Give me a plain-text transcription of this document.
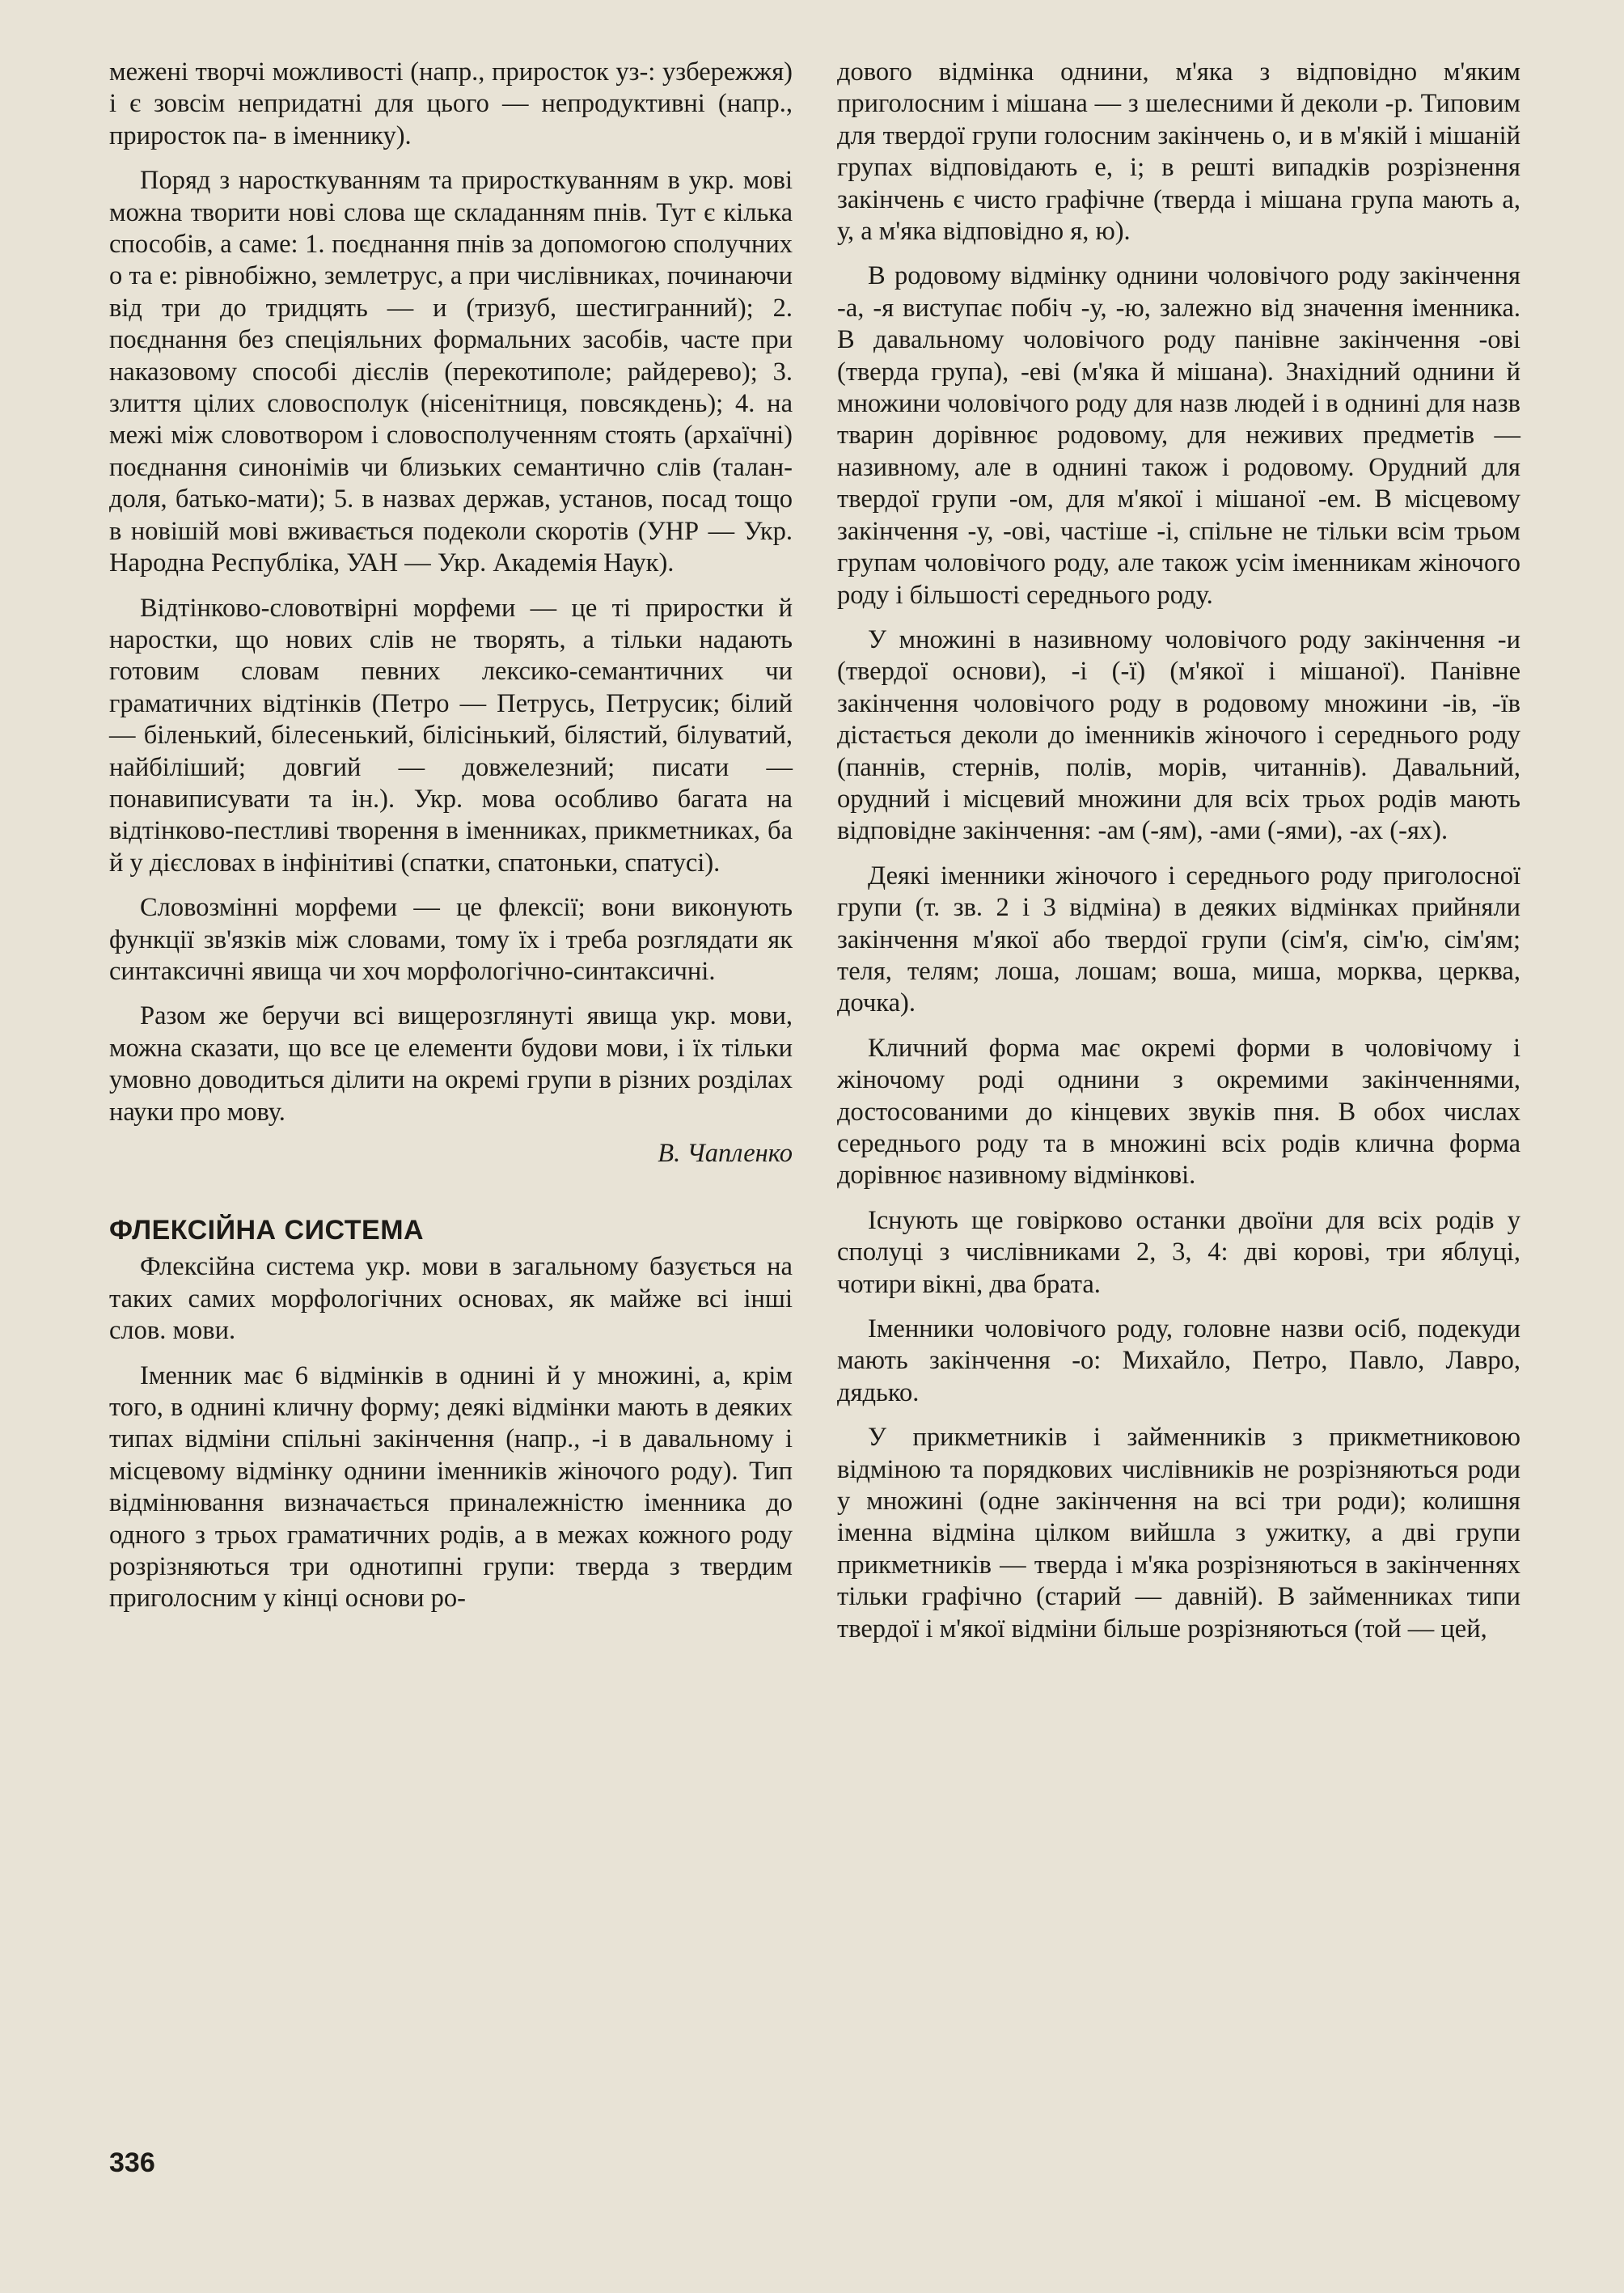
межені творчі можливості (напр., приросток уз-: узбережжя) і є зовсім непридатні для цього — непродуктивні (напр., приросток па- в іменнику).

Поряд з наросткуванням та приросткуванням в укр. мові можна творити нові слова ще складанням пнів. Тут є кілька способів, а саме: 1. поєднання пнів за допомогою сполучних о та е: рівнобіжно, землетрус, а при числівниках, починаючи від три до тридцять — и (тризуб, шестигранний); 2. поєднання без спеціяльних формальних засобів, часте при наказовому способі дієслів (перекотиполе; райдерево); 3. злиття цілих словосполук (нісенітниця, повсякдень); 4. на межі між словотвором і словосполученням стоять (архаїчні) поєднання синонімів чи близьких семантично слів (талан-доля, батько-мати); 5. в назвах держав, установ, посад тощо в новішій мові вживається подеколи скоротів (УНР — Укр. Народна Республіка, УАН — Укр. Академія Наук).

Відтінково-словотвірні морфеми — це ті приростки й наростки, що нових слів не творять, а тільки надають готовим словам певних лексико-семантичних чи граматичних відтінків (Петро — Петрусь, Петрусик; білий — біленький, білесенький, білісінький, білястий, білуватий, найбіліший; довгий — довжелезний; писати — понавиписувати та ін.). Укр. мова особливо багата на відтінково-пестливі творення в іменниках, прикметниках, ба й у дієсловах в інфінітиві (спатки, спатоньки, спатусі).

Словозмінні морфеми — це флексії; вони виконують функції зв'язків між словами, тому їх і треба розглядати як синтаксичні явища чи хоч морфологічно-синтаксичні.

Разом же беручи всі вищерозглянуті явища укр. мови, можна сказати, що все це елементи будови мови, і їх тільки умовно доводиться ділити на окремі групи в різних розділах науки про мову.

В. Чапленко

ФЛЕКСІЙНА СИСТЕМА

Флексійна система укр. мови в загальному базується на таких самих морфологічних основах, як майже всі інші слов. мови.

Іменник має 6 відмінків в однині й у множині, а, крім того, в однині кличну форму; деякі відмінки мають в деяких типах відміни спільні закінчення (напр., -і в давальному і місцевому відмінку однини іменників жіночого роду). Тип відмінювання визначається приналежністю іменника до одного з трьох граматичних родів, а в межах кожного роду розрізняються три однотипні групи: тверда з твердим приголосним у кінці основи ро-

дового відмінка однини, м'яка з відповідно м'яким приголосним і мішана — з шелесними й деколи -р. Типовим для твердої групи голосним закінчень о, и в м'якій і мішаній групах відповідають е, і; в решті випадків розрізнення закінчень є чисто графічне (тверда і мішана група мають а, у, а м'яка відповідно я, ю).

В родовому відмінку однини чоловічого роду закінчення -а, -я виступає побіч -у, -ю, залежно від значення іменника. В давальному чоловічого роду панівне закінчення -ові (тверда група), -еві (м'яка й мішана). Знахідний однини й множини чоловічого роду для назв людей і в однині для назв тварин дорівнює родовому, для неживих предметів — називному, але в однині також і родовому. Орудний для твердої групи -ом, для м'якої і мішаної -ем. В місцевому закінчення -у, -ові, частіше -і, спільне не тільки всім трьом групам чоловічого роду, але також усім іменникам жіночого роду і більшості середнього роду.

У множині в називному чоловічого роду закінчення -и (твердої основи), -і (-ї) (м'якої і мішаної). Панівне закінчення чоловічого роду в родовому множини -ів, -їв дістається деколи до іменників жіночого і середнього роду (паннів, стернів, полів, морів, читаннів). Давальний, орудний і місцевий множини для всіх трьох родів мають відповідне закінчення: -ам (-ям), -ами (-ями), -ах (-ях).

Деякі іменники жіночого і середнього роду приголосної групи (т. зв. 2 і 3 відміна) в деяких відмінках прийняли закінчення м'якої або твердої групи (сім'я, сім'ю, сім'ям; теля, телям; лоша, лошам; воша, миша, морква, церква, дочка).

Кличний форма має окремі форми в чоловічому і жіночому роді однини з окремими закінченнями, достосованими до кінцевих звуків пня. В обох числах середнього роду та в множині всіх родів клична форма дорівнює називному відмінкові.

Існують ще говірково останки двоїни для всіх родів у сполуці з числівниками 2, 3, 4: дві корові, три яблуці, чотири вікні, два брата.

Іменники чоловічого роду, головне назви осіб, подекуди мають закінчення -о: Михайло, Петро, Павло, Лавро, дядько.

У прикметників і займенників з прикметниковою відміною та порядкових числівників не розрізняються роди у множині (одне закінчення на всі три роди); колишня іменна відміна цілком вийшла з ужитку, а дві групи прикметників — тверда і м'яка розрізняються в закінченнях тільки графічно (старий — давній). В займенниках типи твердої і м'якої відміни більше розрізняються (той — цей,

336
